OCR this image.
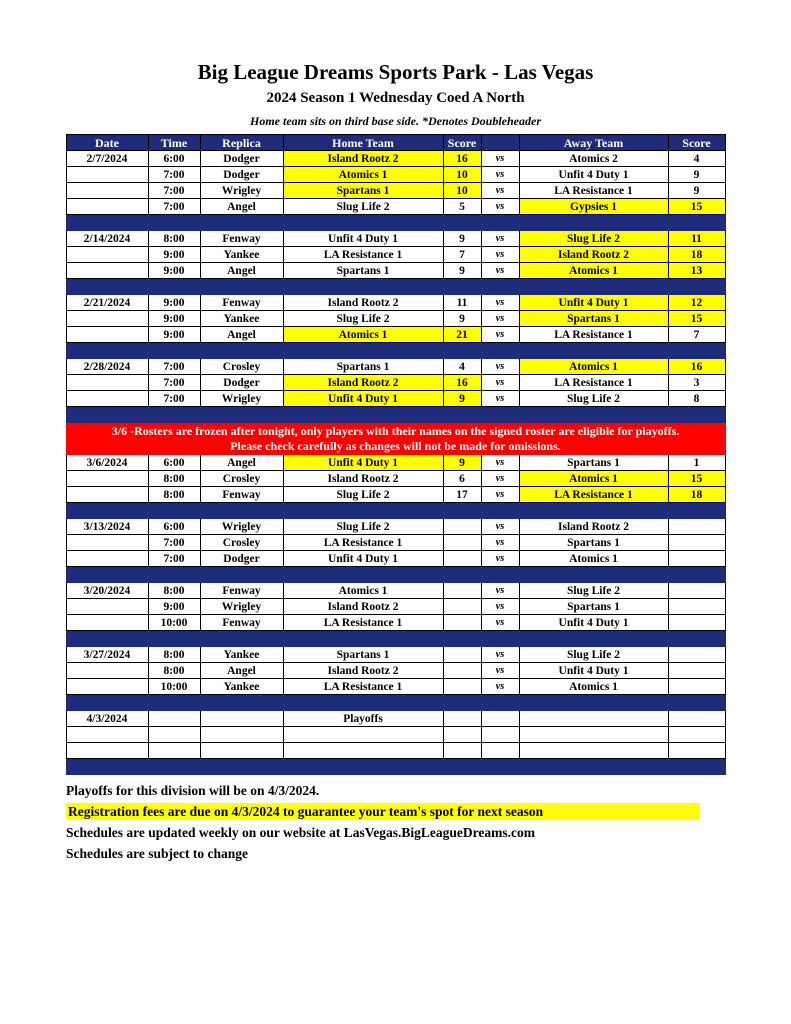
Big League Dreams Sports Park - Las Vegas
2024 Season 1 Wednesday Coed A North
Home team sits on third base side. *Denotes Doubleheader
Date	Time	Replica	Home Team	Score		Away Team	Score
2/7/2024	6:00	Dodger	Island Rootz 2	16	vs	Atomics 2	4
	7:00	Dodger	Atomics 1	10	vs	Unfit 4 Duty 1	9
	7:00	Wrigley	Spartans 1	10	vs	LA Resistance 1	9
	7:00	Angel	Slug Life 2	5	vs	Gypsies 1	15

2/14/2024	8:00	Fenway	Unfit 4 Duty 1	9	vs	Slug Life 2	11
	9:00	Yankee	LA Resistance 1	7	vs	Island Rootz 2	18
	9:00	Angel	Spartans 1	9	vs	Atomics 1	13

2/21/2024	9:00	Fenway	Island Rootz 2	11	vs	Unfit 4 Duty 1	12
	9:00	Yankee	Slug Life 2	9	vs	Spartans 1	15
	9:00	Angel	Atomics 1	21	vs	LA Resistance 1	7

2/28/2024	7:00	Crosley	Spartans 1	4	vs	Atomics 1	16
	7:00	Dodger	Island Rootz 2	16	vs	LA Resistance 1	3
	7:00	Wrigley	Unfit 4 Duty 1	9	vs	Slug Life 2	8

3/6 -Rosters are frozen after tonight, only players with their names on the signed roster are eligible for playoffs.
Please check carefully as changes will not be made for omissions.							

3/6/2024	6:00	Angel	Unfit 4 Duty 1	9	vs	Spartans 1	1
	8:00	Crosley	Island Rootz 2	6	vs	Atomics 1	15
	8:00	Fenway	Slug Life 2	17	vs	LA Resistance 1	18

3/13/2024	6:00	Wrigley	Slug Life 2		vs	Island Rootz 2	
	7:00	Crosley	LA Resistance 1		vs	Spartans 1	
	7:00	Dodger	Unfit 4 Duty 1		vs	Atomics 1	

3/20/2024	8:00	Fenway	Atomics 1		vs	Slug Life 2	
	9:00	Wrigley	Island Rootz 2		vs	Spartans 1	
	10:00	Fenway	LA Resistance 1		vs	Unfit 4 Duty 1	

3/27/2024	8:00	Yankee	Spartans 1		vs	Slug Life 2	
	8:00	Angel	Island Rootz 2		vs	Unfit 4 Duty 1	
	10:00	Yankee	LA Resistance 1		vs	Atomics 1	

4/3/2024			Playoffs				

Playoffs for this division will be on 4/3/2024.
Registration fees are due on 4/3/2024 to guarantee your team's spot for next season
Schedules are updated weekly on our website at LasVegas.BigLeagueDreams.com
Schedules are subject to change
